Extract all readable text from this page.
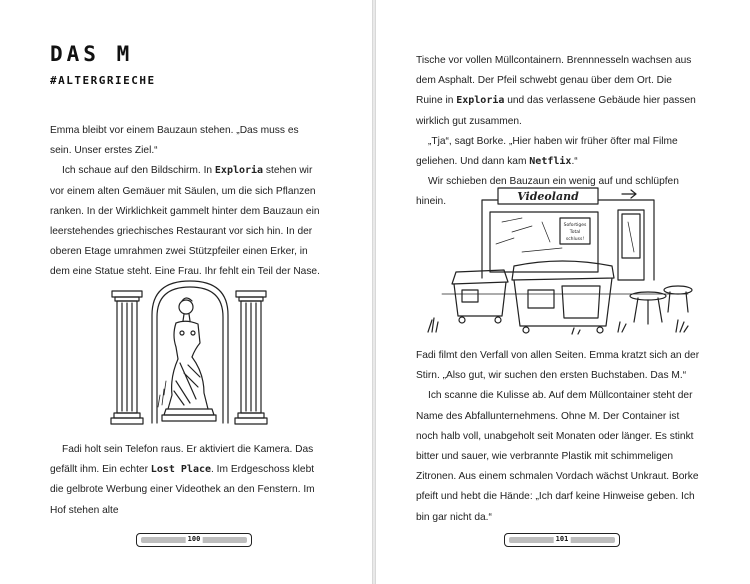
DAS M
#ALTERGRIECHE

Emma bleibt vor einem Bauzaun stehen. „Das muss es sein. Unser erstes Ziel.“

Ich schaue auf den Bildschirm. In Exploria stehen wir vor einem alten Gemäuer mit Säulen, um die sich Pflanzen ranken. In der Wirklichkeit gammelt hinter dem Bauzaun ein leerstehendes griechisches Restaurant vor sich hin. In der oberen Etage umrahmen zwei Stützpfeiler einen Erker, in dem eine Statue steht. Eine Frau. Ihr fehlt ein Teil der Nase.

Fadi holt sein Telefon raus. Er aktiviert die Kamera. Das gefällt ihm. Ein echter Lost Place. Im Erdgeschoss klebt die gelbrote Werbung einer Videothek an den Fenstern. Im Hof stehen alte

100

Tische vor vollen Müllcontainern. Brennnesseln wachsen aus dem Asphalt. Der Pfeil schwebt genau über dem Ort. Die Ruine in Exploria und das verlassene Gebäude hier passen wirklich gut zusammen.

„Tja“, sagt Borke. „Hier haben wir früher öfter mal Filme geliehen. Und dann kam Netflix.“

Wir schieben den Bauzaun ein wenig auf und schlüpfen hinein.	Videoland
Sofortiges
Total
schluss!

Fadi filmt den Verfall von allen Seiten. Emma kratzt sich an der Stirn. „Also gut, wir suchen den ersten Buchstaben. Das M.“

Ich scanne die Kulisse ab. Auf dem Müllcontainer steht der Name des Abfallunternehmens. Ohne M. Der Container ist noch halb voll, unabgeholt seit Monaten oder länger. Es stinkt bitter und sauer, wie verbrannte Plastik mit schimmeligen Zitronen. Aus einem schmalen Vordach wächst Unkraut. Borke pfeift und hebt die Hände: „Ich darf keine Hinweise geben. Ich bin gar nicht da.“

101
